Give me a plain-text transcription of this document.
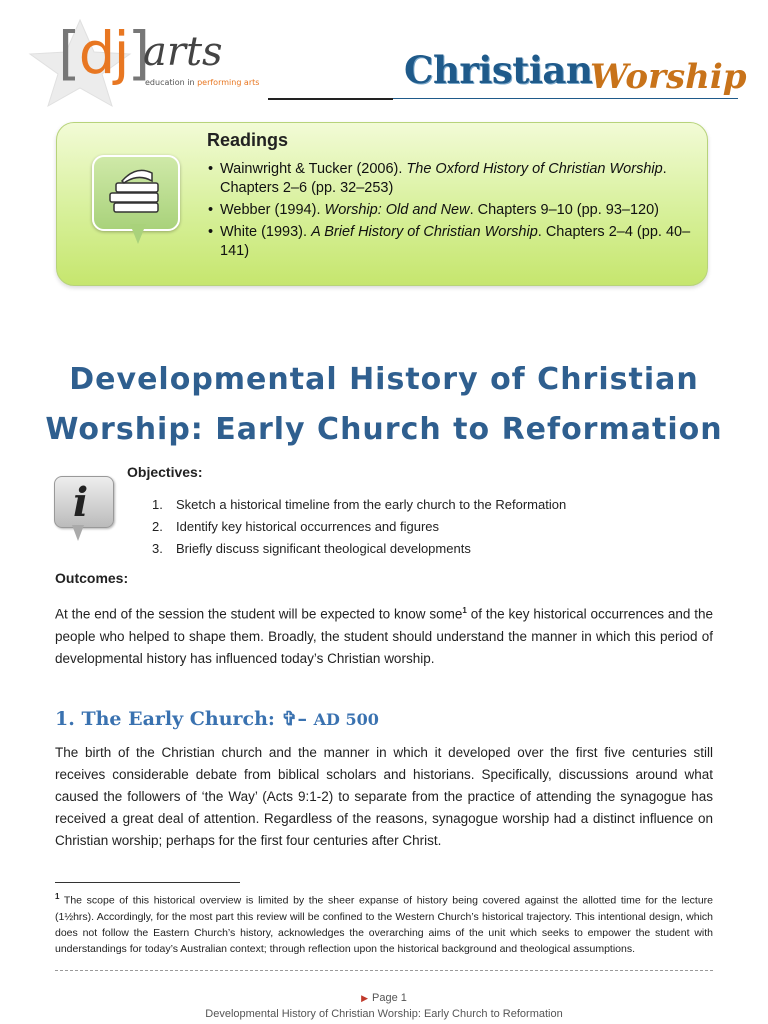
[dj]
arts
education in performing arts	Christian
Worship
Readings
• Wainwright & Tucker (2006). The Oxford History of Christian Worship. Chapters 2–6 (pp. 32–253)
• Webber (1994). Worship: Old and New. Chapters 9–10 (pp. 93–120)
• White (1993). A Brief History of Christian Worship. Chapters 2–4 (pp. 40–141)
Developmental History of Christian Worship: Early Church to Reformation
i
Objectives:
1. Sketch a historical timeline from the early church to the Reformation
2. Identify key historical occurrences and figures
3. Briefly discuss significant theological developments
Outcomes:
At the end of the session the student will be expected to know some$^1$ of the key historical occurrences and the people who helped to shape them. Broadly, the student should understand the manner in which this period of developmental history has influenced today’s Christian worship.
1. The Early Church: ✞– AD 500
The birth of the Christian church and the manner in which it developed over the first five centuries still receives considerable debate from biblical scholars and historians. Specifically, discussions around what caused the followers of ‘the Way’ (Acts 9:1-2) to separate from the practice of attending the synagogue has received a great deal of attention. Regardless of the reasons, synagogue worship had a distinct influence on Christian worship; perhaps for the first four centuries after Christ.
$^1$ The scope of this historical overview is limited by the sheer expanse of history being covered against the allotted time for the lecture (1½hrs). Accordingly, for the most part this review will be confined to the Western Church’s historical trajectory. This intentional design, which does not follow the Eastern Church’s history, acknowledges the overarching aims of the unit which seeks to empower the student with understandings for today’s Australian context; through reflection upon the historical background and theological assumptions.
▶ Page 1
Developmental History of Christian Worship: Early Church to Reformation
